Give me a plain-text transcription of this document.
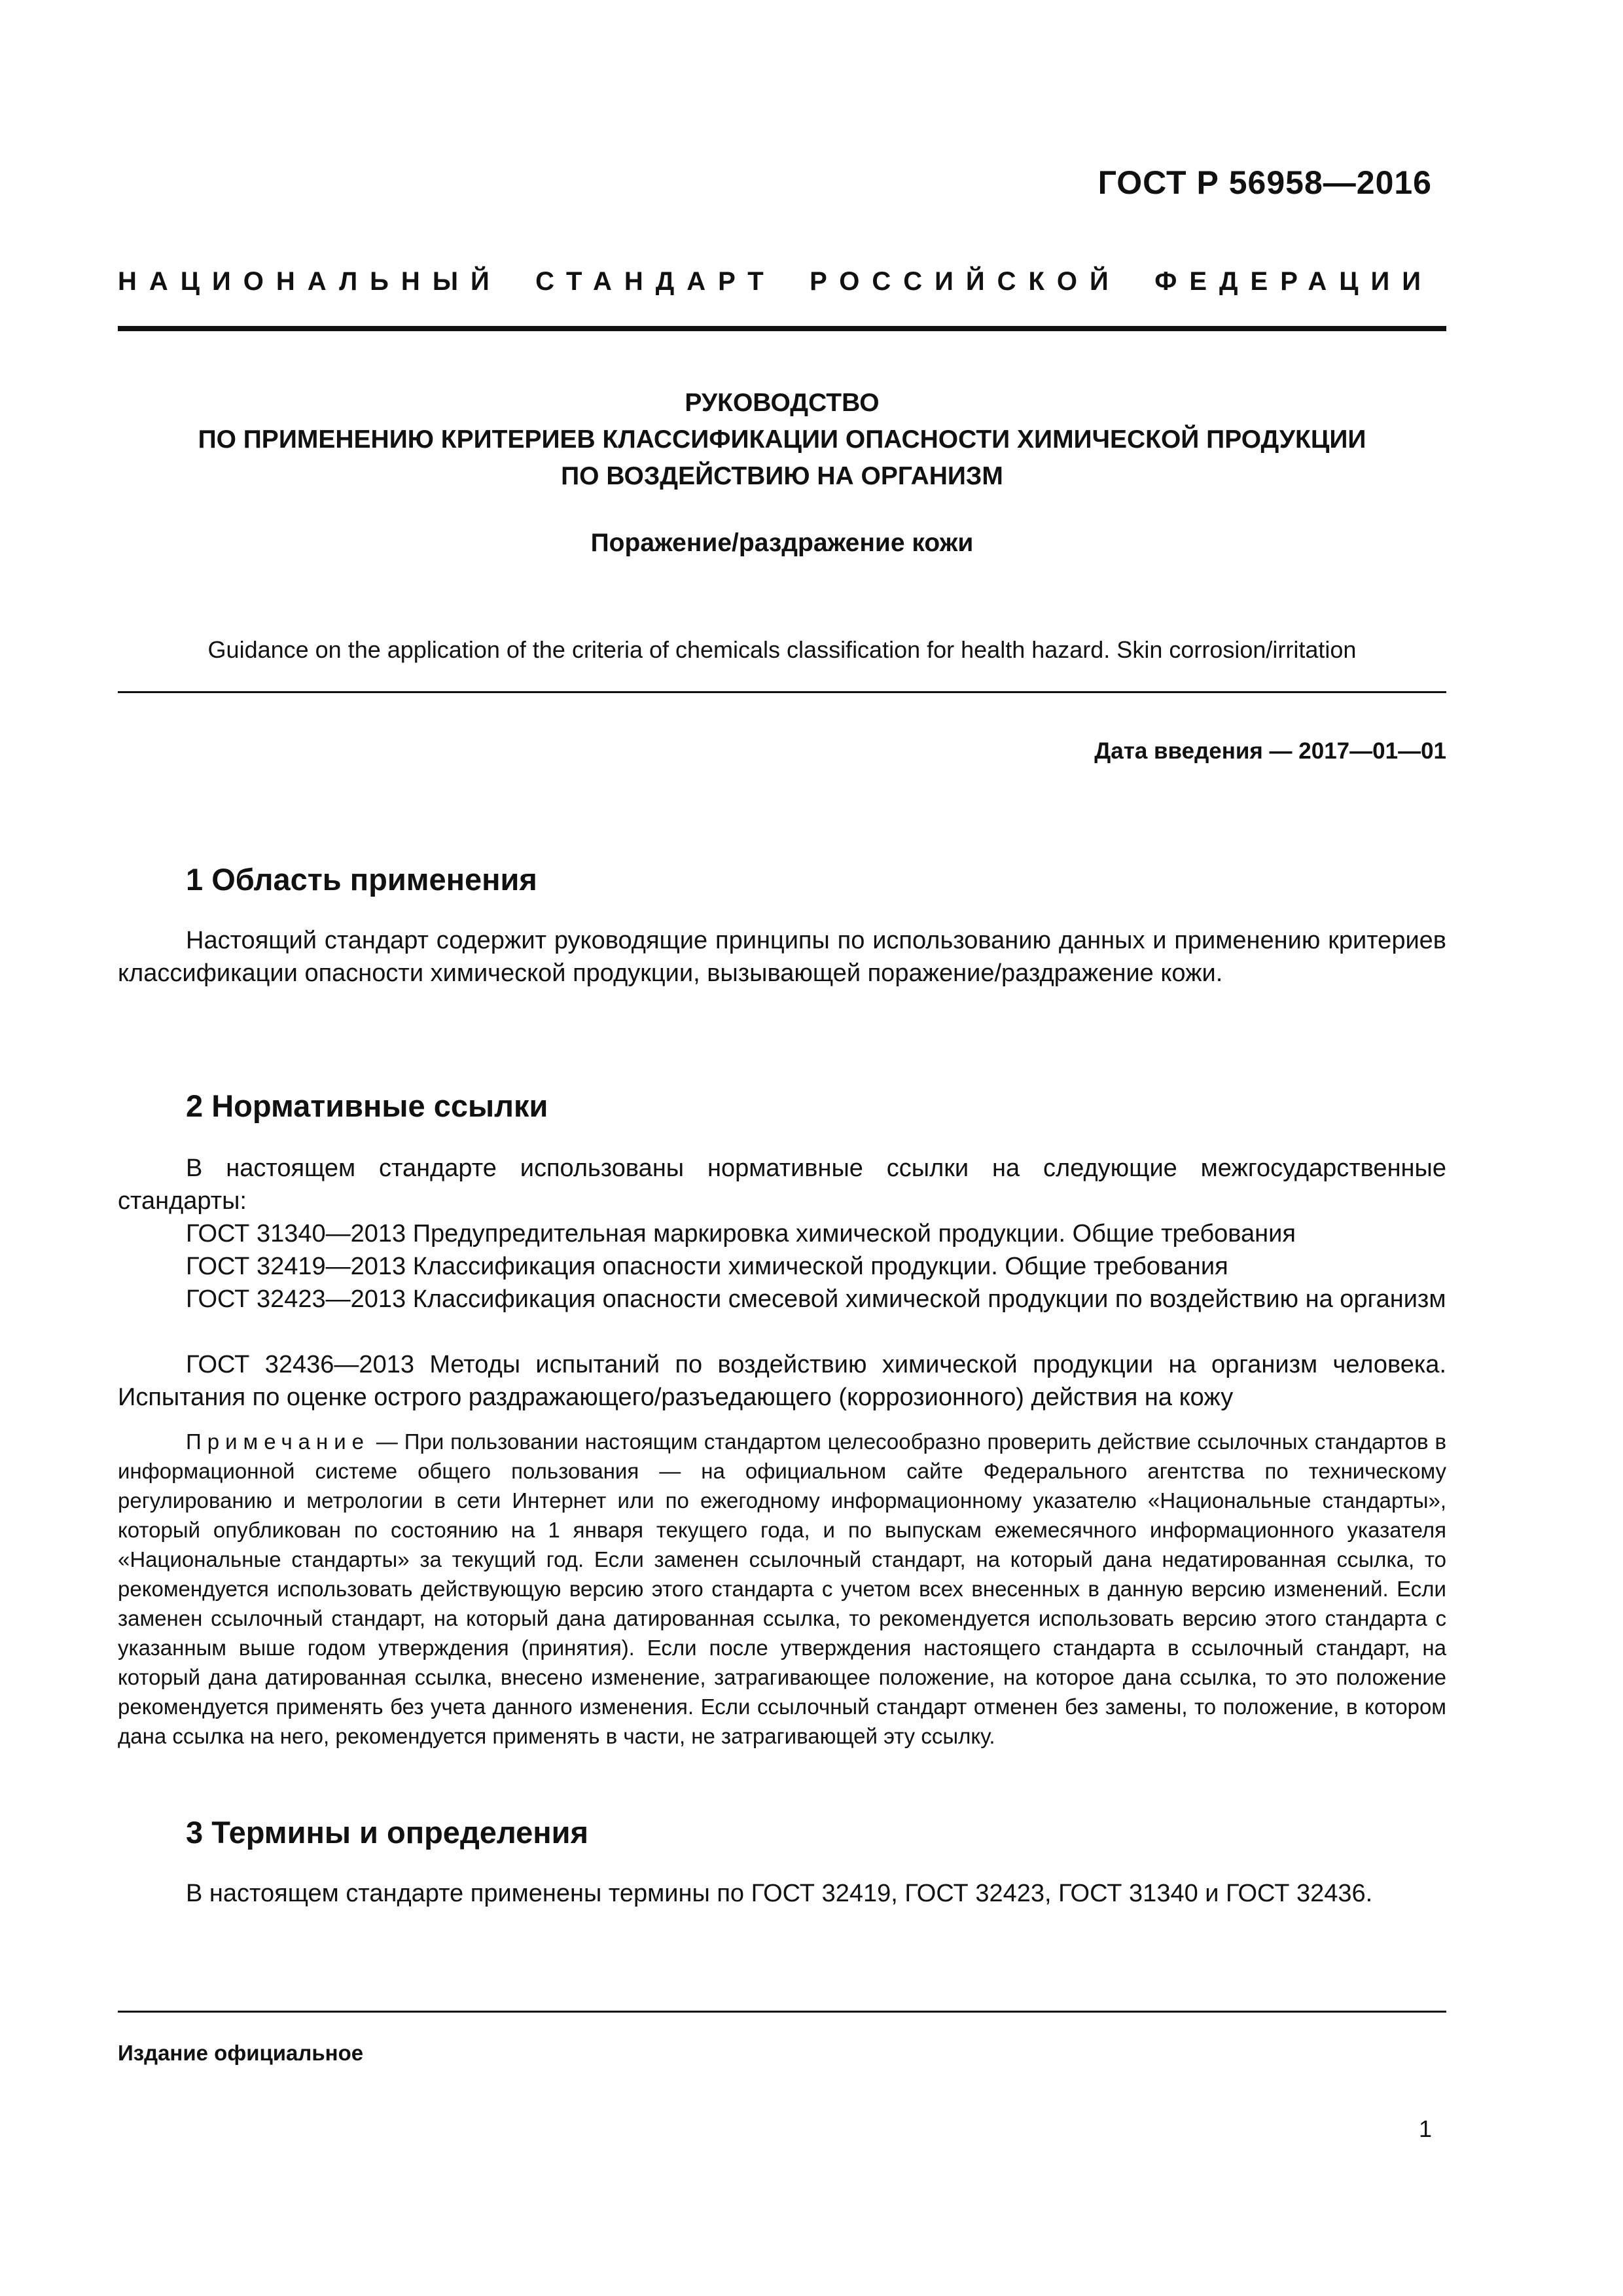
ГОСТ Р 56958—2016
НАЦИОНАЛЬНЫЙ СТАНДАРТ РОССИЙСКОЙ ФЕДЕРАЦИИ
РУКОВОДСТВО
ПО ПРИМЕНЕНИЮ КРИТЕРИЕВ КЛАССИФИКАЦИИ ОПАСНОСТИ ХИМИЧЕСКОЙ ПРОДУКЦИИ
ПО ВОЗДЕЙСТВИЮ НА ОРГАНИЗМ
Поражение/раздражение кожи
Guidance on the application of the criteria of chemicals classification for health hazard. Skin corrosion/irritation
Дата введения — 2017—01—01
1 Область применения
Настоящий стандарт содержит руководящие принципы по использованию данных и применению критериев классификации опасности химической продукции, вызывающей поражение/раздражение кожи.
2 Нормативные ссылки
В настоящем стандарте использованы нормативные ссылки на следующие межгосударственные стандарты:
ГОСТ 31340—2013 Предупредительная маркировка химической продукции. Общие требования
ГОСТ 32419—2013 Классификация опасности химической продукции. Общие требования
ГОСТ 32423—2013 Классификация опасности смесевой химической продукции по воздействию на организм
ГОСТ 32436—2013 Методы испытаний по воздействию химической продукции на организм человека. Испытания по оценке острого раздражающего/разъедающего (коррозионного) действия на кожу
Примечание — При пользовании настоящим стандартом целесообразно проверить действие ссылочных стандартов в информационной системе общего пользования — на официальном сайте Федерального агентства по техническому регулированию и метрологии в сети Интернет или по ежегодному информационному указателю «Национальные стандарты», который опубликован по состоянию на 1 января текущего года, и по выпускам ежемесячного информационного указателя «Национальные стандарты» за текущий год. Если заменен ссылочный стандарт, на который дана недатированная ссылка, то рекомендуется использовать действующую версию этого стандарта с учетом всех внесенных в данную версию изменений. Если заменен ссылочный стандарт, на который дана датированная ссылка, то рекомендуется использовать версию этого стандарта с указанным выше годом утверждения (принятия). Если после утверждения настоящего стандарта в ссылочный стандарт, на который дана датированная ссылка, внесено изменение, затрагивающее положение, на которое дана ссылка, то это положение рекомендуется применять без учета данного изменения. Если ссылочный стандарт отменен без замены, то положение, в котором дана ссылка на него, рекомендуется применять в части, не затрагивающей эту ссылку.
3 Термины и определения
В настоящем стандарте применены термины по ГОСТ 32419, ГОСТ 32423, ГОСТ 31340 и ГОСТ 32436.
Издание официальное
1
